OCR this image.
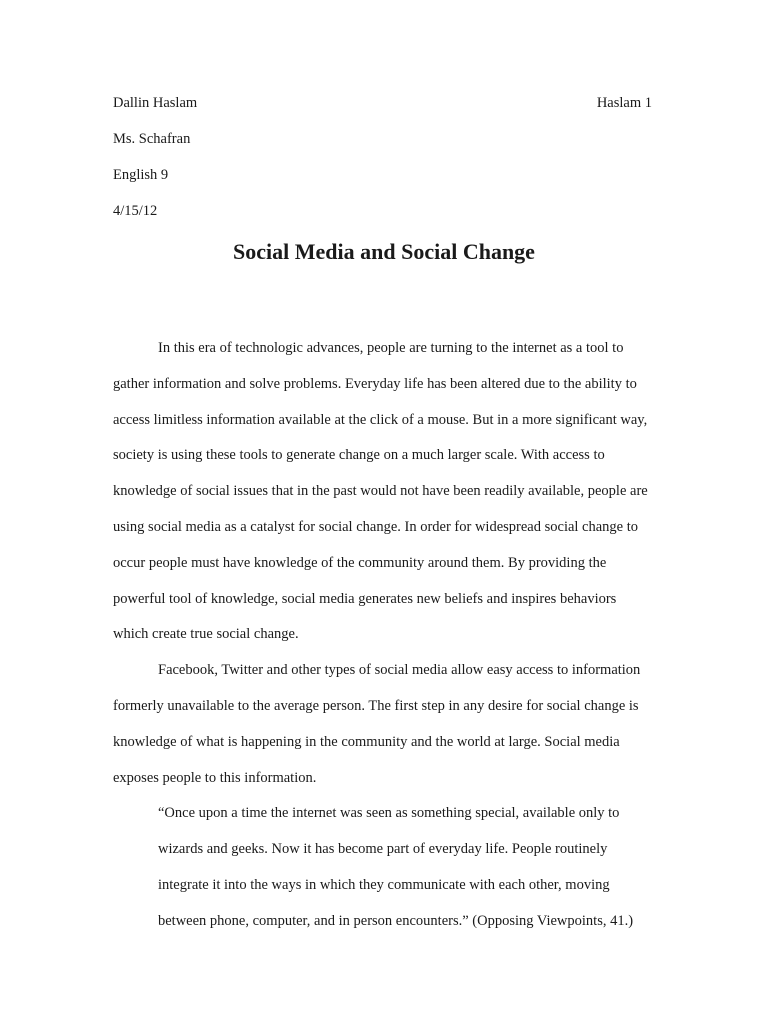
Dallin Haslam	Haslam 1
Ms. Schafran
English 9
4/15/12
Social Media and Social Change

In this era of technologic advances, people are turning to the internet as a tool to gather information and solve problems. Everyday life has been altered due to the ability to access limitless information available at the click of a mouse. But in a more significant way, society is using these tools to generate change on a much larger scale. With access to knowledge of social issues that in the past would not have been readily available, people are using social media as a catalyst for social change. In order for widespread social change to occur people must have knowledge of the community around them. By providing the powerful tool of knowledge, social media generates new beliefs and inspires behaviors which create true social change.

Facebook, Twitter and other types of social media allow easy access to information formerly unavailable to the average person. The first step in any desire for social change is knowledge of what is happening in the community and the world at large. Social media exposes people to this information.

“Once upon a time the internet was seen as something special, available only to wizards and geeks. Now it has become part of everyday life. People routinely integrate it into the ways in which they communicate with each other, moving between phone, computer, and in person encounters.” (Opposing Viewpoints, 41.)
